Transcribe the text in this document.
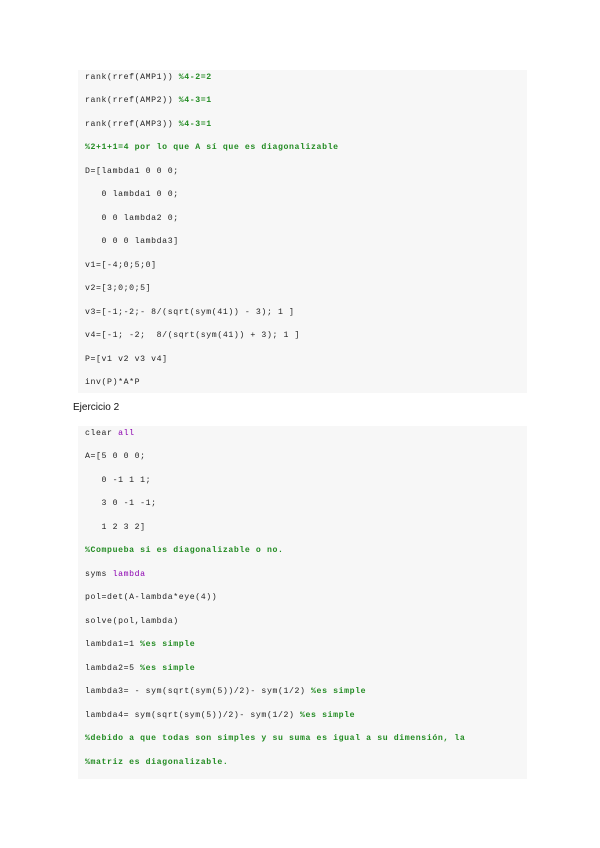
rank(rref(AMP1)) %4-2=2
rank(rref(AMP2)) %4-3=1
rank(rref(AMP3)) %4-3=1
%2+1+1=4 por lo que A sí que es diagonalizable
D=[lambda1 0 0 0;
0 lambda1 0 0;
0 0 lambda2 0;
0 0 0 lambda3]
v1=[-4;0;5;0]
v2=[3;0;0;5]
v3=[-1;-2;- 8/(sqrt(sym(41)) - 3); 1 ]
v4=[-1; -2;  8/(sqrt(sym(41)) + 3); 1 ]
P=[v1 v2 v3 v4]
inv(P)*A*P
Ejercicio 2
clear all
A=[5 0 0 0;
0 -1 1 1;
3 0 -1 -1;
1 2 3 2]
%Compueba si es diagonalizable o no.
syms lambda
pol=det(A-lambda*eye(4))
solve(pol,lambda)
lambda1=1 %es simple
lambda2=5 %es simple
lambda3= - sym(sqrt(sym(5))/2)- sym(1/2) %es simple
lambda4= sym(sqrt(sym(5))/2)- sym(1/2) %es simple
%debido a que todas son simples y su suma es igual a su dimensión, la
%matriz es diagonalizable.
